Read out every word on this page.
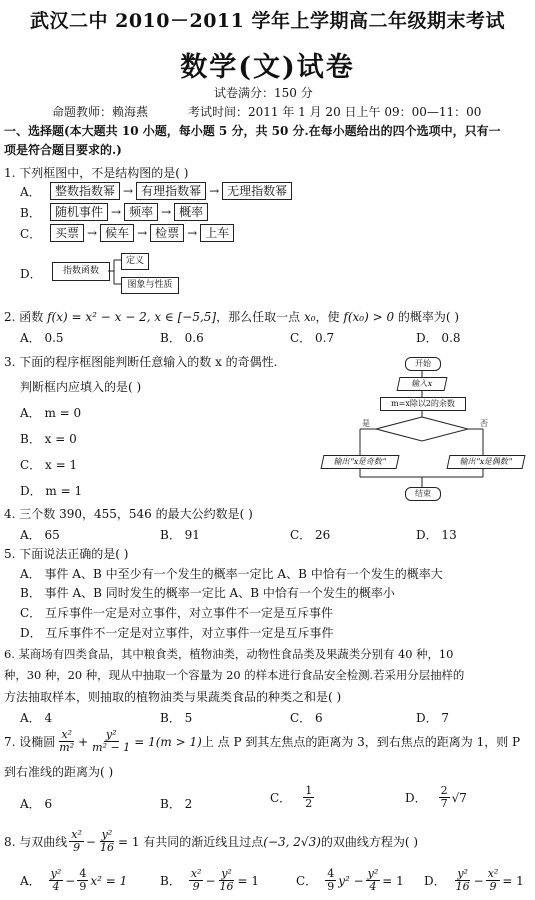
武汉二中 2010－2011 学年上学期高二年级期末考试
数学(文)试卷
试卷满分：150 分
命题教师：赖海燕	考试时间：2011 年 1 月 20 日上午 09：00—11：00
一、选择题(本大题共 10 小题，每小题 5 分，共 50 分.在每小题给出的四个选项中，只有一
项是符合题目要求的.)
1. 下列框图中，不是结构图的是( )
A．	整数指数幂 → 有理指数幂 → 无理指数幂
B．	随机事件 → 频率 → 概率
C．	买票 → 候车 → 检票 → 上车
D．	指数函数
定义
图象与性质
2. 函数 f(x) = x² − x − 2, x ∈ [−5,5]，那么任取一点 x₀，使 f(x₀) > 0 的概率为( )
A． 0.5	B． 0.6	C． 0.7	D． 0.8
3. 下面的程序框图能判断任意输入的数 x 的奇偶性.
判断框内应填入的是( )
A． m = 0
B． x = 0
C． x = 1
D． m = 1
开始
输入x
m=x除以2的余数
是	否
输出"x是奇数"	输出"x是偶数"
结束
4. 三个数 390，455，546 的最大公约数是( )
A． 65	B． 91	C． 26	D． 13
5. 下面说法正确的是( )
A． 事件 A、B 中至少有一个发生的概率一定比 A、B 中恰有一个发生的概率大
B． 事件 A、B 同时发生的概率一定比 A、B 中恰有一个发生的概率小
C． 互斥事件一定是对立事件，对立事件不一定是互斥事件
D． 互斥事件不一定是对立事件，对立事件一定是互斥事件
6. 某商场有四类食品，其中粮食类，植物油类，动物性食品类及果蔬类分别有 40 种，10
种，30 种，20 种，现从中抽取一个容量为 20 的样本进行食品安全检测.若采用分层抽样的
方法抽取样本，则抽取的植物油类与果蔬类食品的种类之和是( )
A． 4	B． 5	C． 6	D． 7
7. 设椭圆 $\frac{\text{x²}}{\text{m²}} + \frac{\text{y²}}{\text{m² − 1}} = 1(m > 1)$ 上 点 P 到其左焦点的距离为 3，到右焦点的距离为 1，则 P
到右准线的距离为( )
A． 6	B． 2	C． $\frac{1}{2}$	D． $\frac{2}{7} √7$
8. 与双曲线 $\frac{\text{x²}}{9} - \frac{\text{y²}}{16} = 1$ 有共同的渐近线且过点 (−3, 2√3) 的双曲线方程为( )
A． $\frac{\text{y²}}{4} - \frac{4}{9} x^2 = 1$	B． $\frac{\text{x²}}{9} - \frac{\text{y²}}{16} = 1$	C． $\frac{4}{9} y^2 - \frac{\text{y²}}{4} = 1$ D． $\frac{\text{y²}}{16} - \frac{\text{x²}}{9} = 1$
